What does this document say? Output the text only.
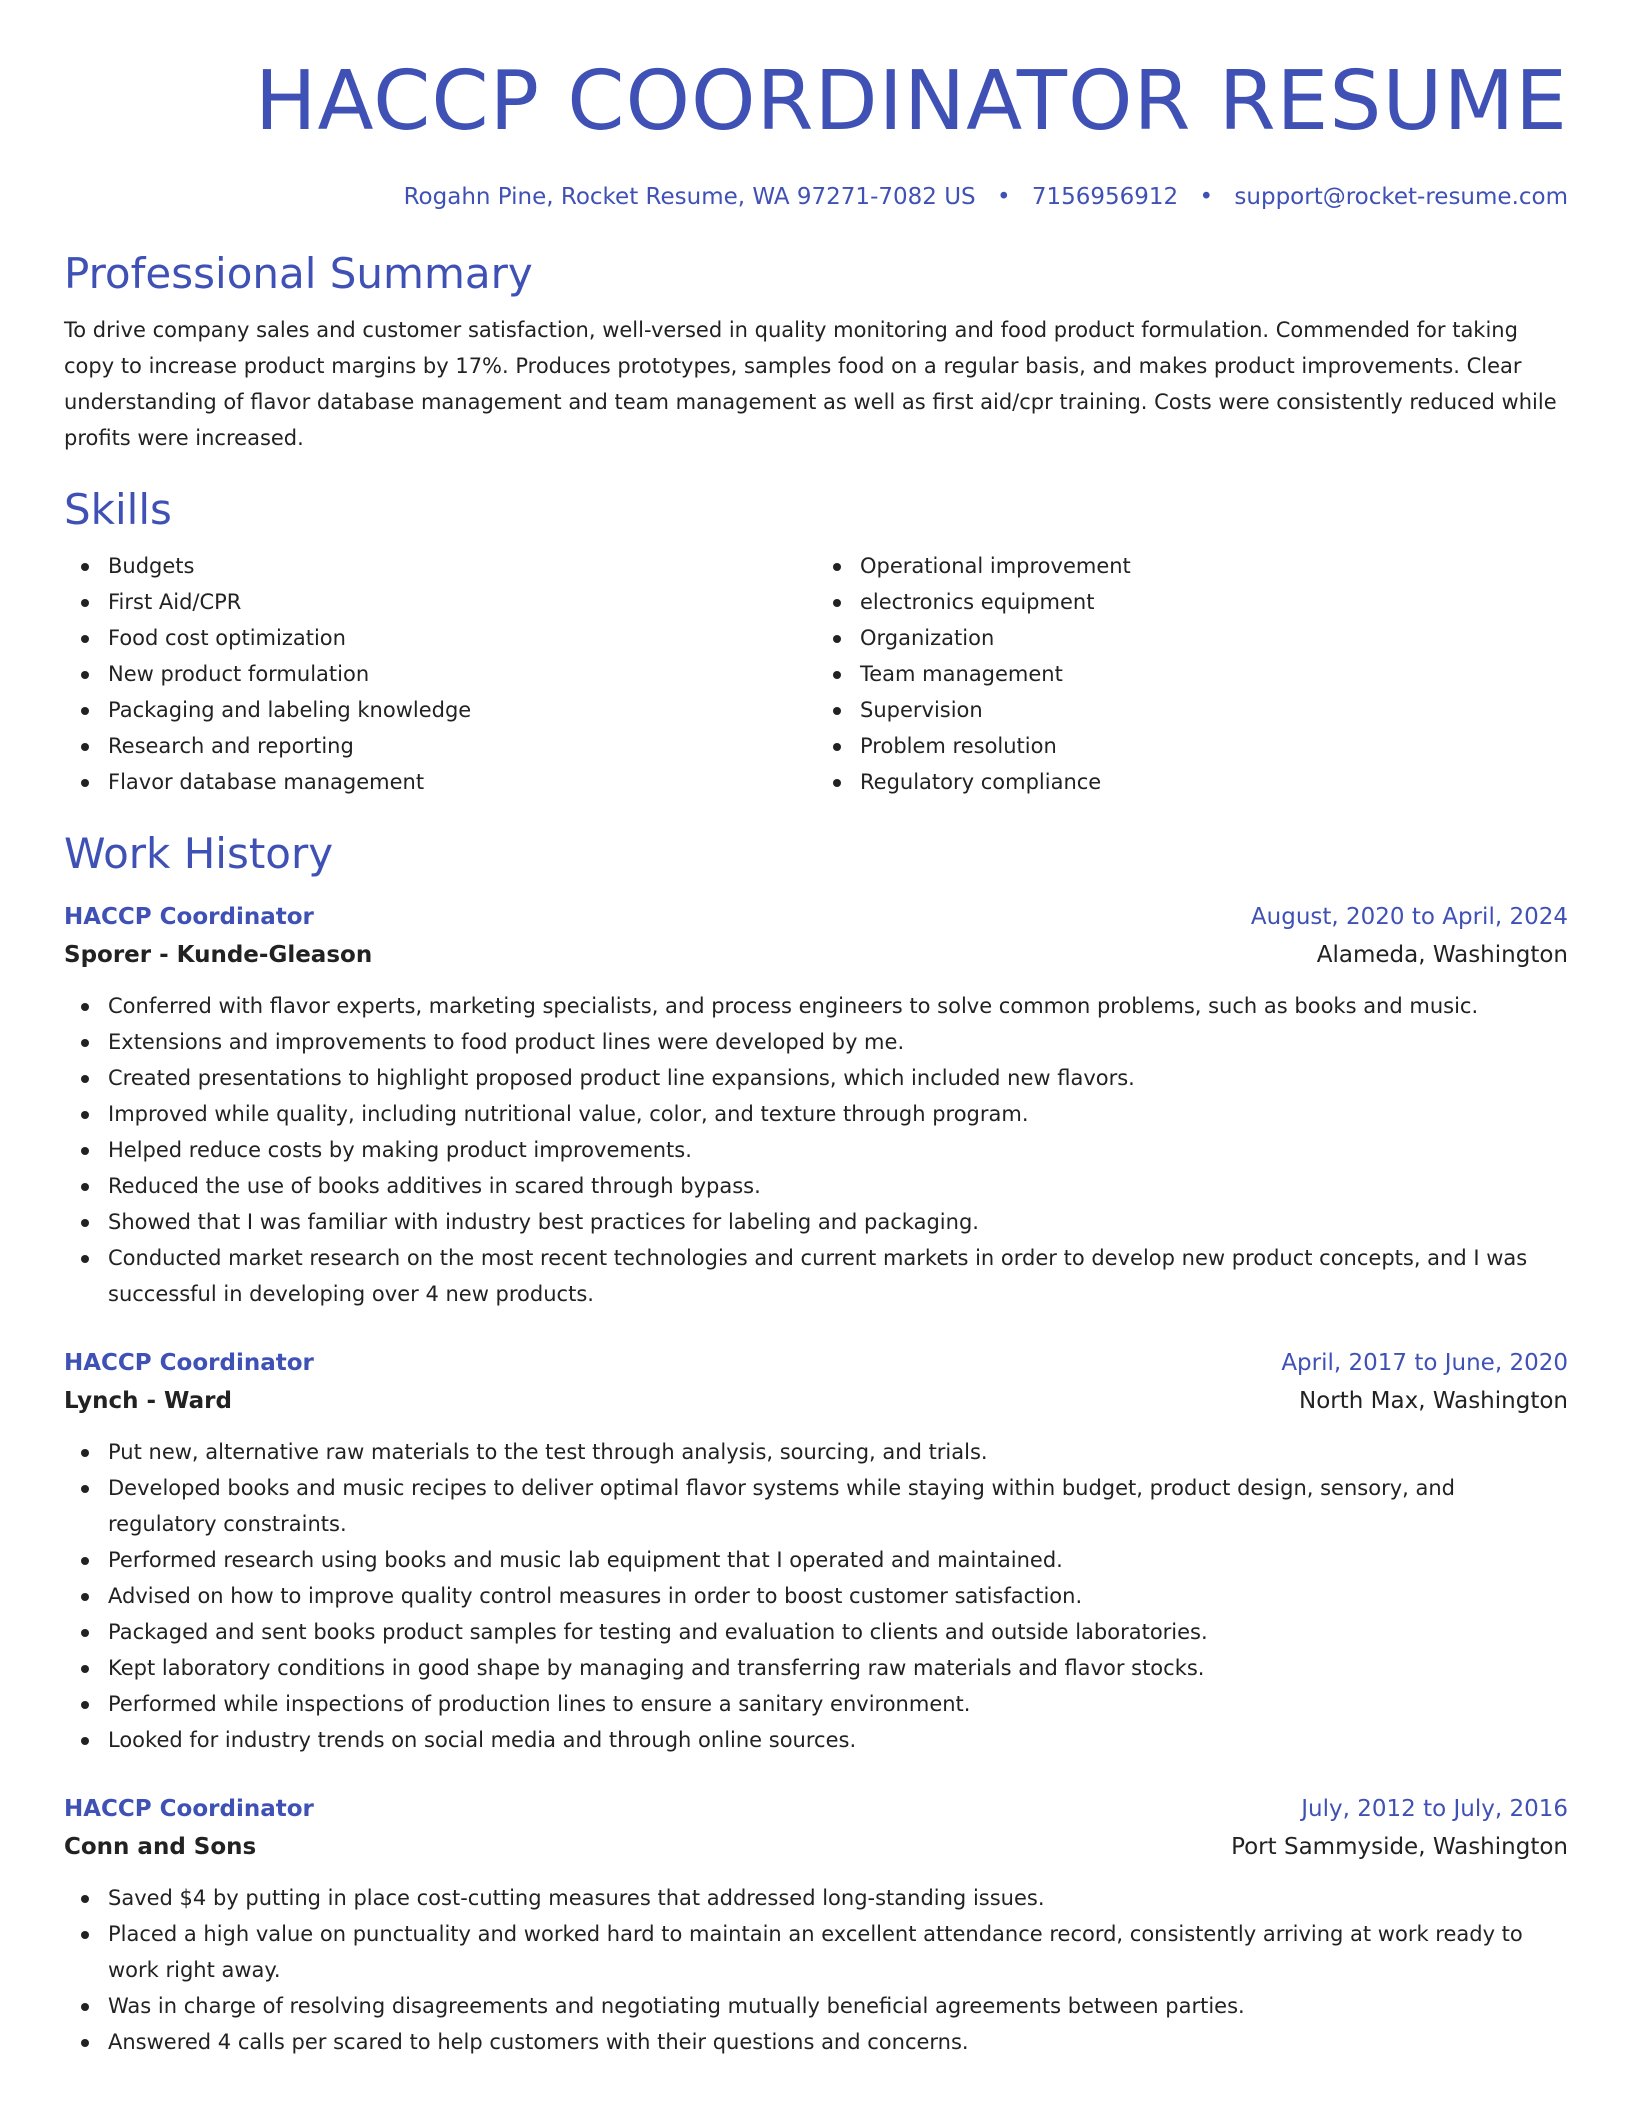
HACCP COORDINATOR RESUME
Rogahn Pine, Rocket Resume, WA 97271-7082 US • 7156956912 • support@rocket-resume.com
Professional Summary

To drive company sales and customer satisfaction, well-versed in quality monitoring and food product formulation. Commended for taking copy to increase product margins by 17%. Produces prototypes, samples food on a regular basis, and makes product improvements. Clear understanding of flavor database management and team management as well as first aid/cpr training. Costs were consistently reduced while profits were increased.

Skills
Budgets
First Aid/CPR
Food cost optimization
New product formulation
Packaging and labeling knowledge
Research and reporting
Flavor database management
Operational improvement
electronics equipment
Organization
Team management
Supervision
Problem resolution
Regulatory compliance
Work History
HACCP Coordinator	August, 2020 to April, 2024
Sporer - Kunde-Gleason	Alameda, Washington
Conferred with flavor experts, marketing specialists, and process engineers to solve common problems, such as books and music.
Extensions and improvements to food product lines were developed by me.
Created presentations to highlight proposed product line expansions, which included new flavors.
Improved while quality, including nutritional value, color, and texture through program.
Helped reduce costs by making product improvements.
Reduced the use of books additives in scared through bypass.
Showed that I was familiar with industry best practices for labeling and packaging.
Conducted market research on the most recent technologies and current markets in order to develop new product concepts, and I was successful in developing over 4 new products.
HACCP Coordinator	April, 2017 to June, 2020
Lynch - Ward	North Max, Washington
Put new, alternative raw materials to the test through analysis, sourcing, and trials.
Developed books and music recipes to deliver optimal flavor systems while staying within budget, product design, sensory, and regulatory constraints.
Performed research using books and music lab equipment that I operated and maintained.
Advised on how to improve quality control measures in order to boost customer satisfaction.
Packaged and sent books product samples for testing and evaluation to clients and outside laboratories.
Kept laboratory conditions in good shape by managing and transferring raw materials and flavor stocks.
Performed while inspections of production lines to ensure a sanitary environment.
Looked for industry trends on social media and through online sources.
HACCP Coordinator	July, 2012 to July, 2016
Conn and Sons	Port Sammyside, Washington
Saved $4 by putting in place cost-cutting measures that addressed long-standing issues.
Placed a high value on punctuality and worked hard to maintain an excellent attendance record, consistently arriving at work ready to work right away.
Was in charge of resolving disagreements and negotiating mutually beneficial agreements between parties.
Answered 4 calls per scared to help customers with their questions and concerns.
